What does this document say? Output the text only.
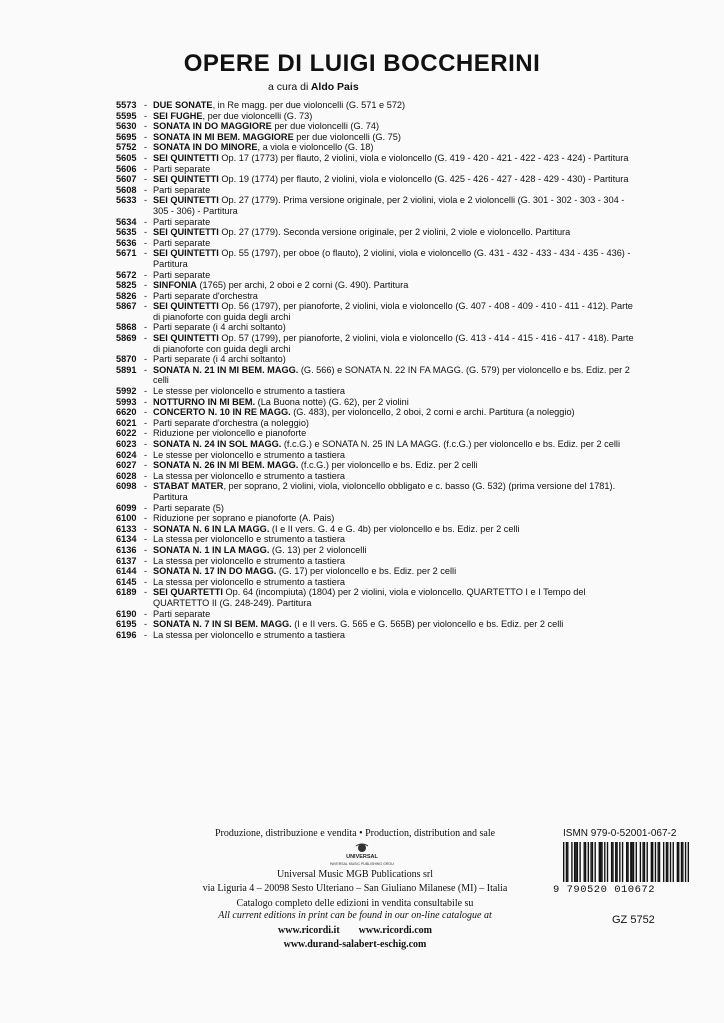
OPERE DI LUIGI BOCCHERINI
a cura di Aldo Pais
5573 - DUE SONATE, in Re magg. per due violoncelli (G. 571 e 572)
5595 - SEI FUGHE, per due violoncelli (G. 73)
5630 - SONATA IN DO MAGGIORE per due violoncelli (G. 74)
5695 - SONATA IN MI BEM. MAGGIORE per due violoncelli (G. 75)
5752 - SONATA IN DO MINORE, a viola e violoncello (G. 18)
5605 - SEI QUINTETTI Op. 17 (1773) per flauto, 2 violini, viola e violoncello (G. 419 - 420 - 421 - 422 - 423 - 424) - Partitura
5606 - Parti separate
5607 - SEI QUINTETTI Op. 19 (1774) per flauto, 2 violini, viola e violoncello (G. 425 - 426 - 427 - 428 - 429 - 430) - Partitura
5608 - Parti separate
5633 - SEI QUINTETTI Op. 27 (1779). Prima versione originale, per 2 violini, viola e 2 violoncelli (G. 301 - 302 - 303 - 304 - 305 - 306) - Partitura
5634 - Parti separate
5635 - SEI QUINTETTI Op. 27 (1779). Seconda versione originale, per 2 violini, 2 viole e violoncello. Partitura
5636 - Parti separate
5671 - SEI QUINTETTI Op. 55 (1797), per oboe (o flauto), 2 violini, viola e violoncello (G. 431 - 432 - 433 - 434 - 435 - 436) - Partitura
5672 - Parti separate
5825 - SINFONIA (1765) per archi, 2 oboi e 2 corni (G. 490). Partitura
5826 - Parti separate d'orchestra
5867 - SEI QUINTETTI Op. 56 (1797), per pianoforte, 2 violini, viola e violoncello (G. 407 - 408 - 409 - 410 - 411 - 412). Parte di pianoforte con guida degli archi
5868 - Parti separate (i 4 archi soltanto)
5869 - SEI QUINTETTI Op. 57 (1799), per pianoforte, 2 violini, viola e violoncello (G. 413 - 414 - 415 - 416 - 417 - 418). Parte di pianoforte con guida degli archi
5870 - Parti separate (i 4 archi soltanto)
5891 - SONATA N. 21 IN MI BEM. MAGG. (G. 566) e SONATA N. 22 IN FA MAGG. (G. 579) per violoncello e bs. Ediz. per 2 celli
5992 - Le stesse per violoncello e strumento a tastiera
5993 - NOTTURNO IN MI BEM. (La Buona notte) (G. 62), per 2 violini
6620 - CONCERTO N. 10 IN RE MAGG. (G. 483), per violoncello, 2 oboi, 2 corni e archi. Partitura (a noleggio)
6021 - Parti separate d'orchestra (a noleggio)
6022 - Riduzione per violoncello e pianoforte
6023 - SONATA N. 24 IN SOL MAGG. (f.c.G.) e SONATA N. 25 IN LA MAGG. (f.c.G.) per violoncello e bs. Ediz. per 2 celli
6024 - Le stesse per violoncello e strumento a tastiera
6027 - SONATA N. 26 IN MI BEM. MAGG. (f.c.G.) per violoncello e bs. Ediz. per 2 celli
6028 - La stessa per violoncello e strumento a tastiera
6098 - STABAT MATER, per soprano, 2 violini, viola, violoncello obbligato e c. basso (G. 532) (prima versione del 1781). Partitura
6099 - Parti separate (5)
6100 - Riduzione per soprano e pianoforte (A. Pais)
6133 - SONATA N. 6 IN LA MAGG. (I e II vers. G. 4 e G. 4b) per violoncello e bs. Ediz. per 2 celli
6134 - La stessa per violoncello e strumento a tastiera
6136 - SONATA N. 1 IN LA MAGG. (G. 13) per 2 violoncelli
6137 - La stessa per violoncello e strumento a tastiera
6144 - SONATA N. 17 IN DO MAGG. (G. 17) per violoncello e bs. Ediz. per 2 celli
6145 - La stessa per violoncello e strumento a tastiera
6189 - SEI QUARTETTI Op. 64 (incompiuta) (1804) per 2 violini, viola e violoncello. QUARTETTO I e I Tempo del QUARTETTO II (G. 248-249). Partitura
6190 - Parti separate
6195 - SONATA N. 7 IN SI BEM. MAGG. (I e II vers. G. 565 e G. 565B) per violoncello e bs. Ediz. per 2 celli
6196 - La stessa per violoncello e strumento a tastiera
Produzione, distribuzione e vendita • Production, distribution and sale
UNIVERSAL
UNIVERSAL MUSIC PUBLISHING GROUP
Universal Music MGB Publications srl
via Liguria 4 – 20098 Sesto Ulteriano – San Giuliano Milanese (MI) – Italia
Catalogo completo delle edizioni in vendita consultabile su
All current editions in print can be found in our on-line catalogue at
www.ricordi.it www.ricordi.com
www.durand-salabert-eschig.com
ISMN 979-0-52001-067-2
9 790520 010672
GZ 5752
